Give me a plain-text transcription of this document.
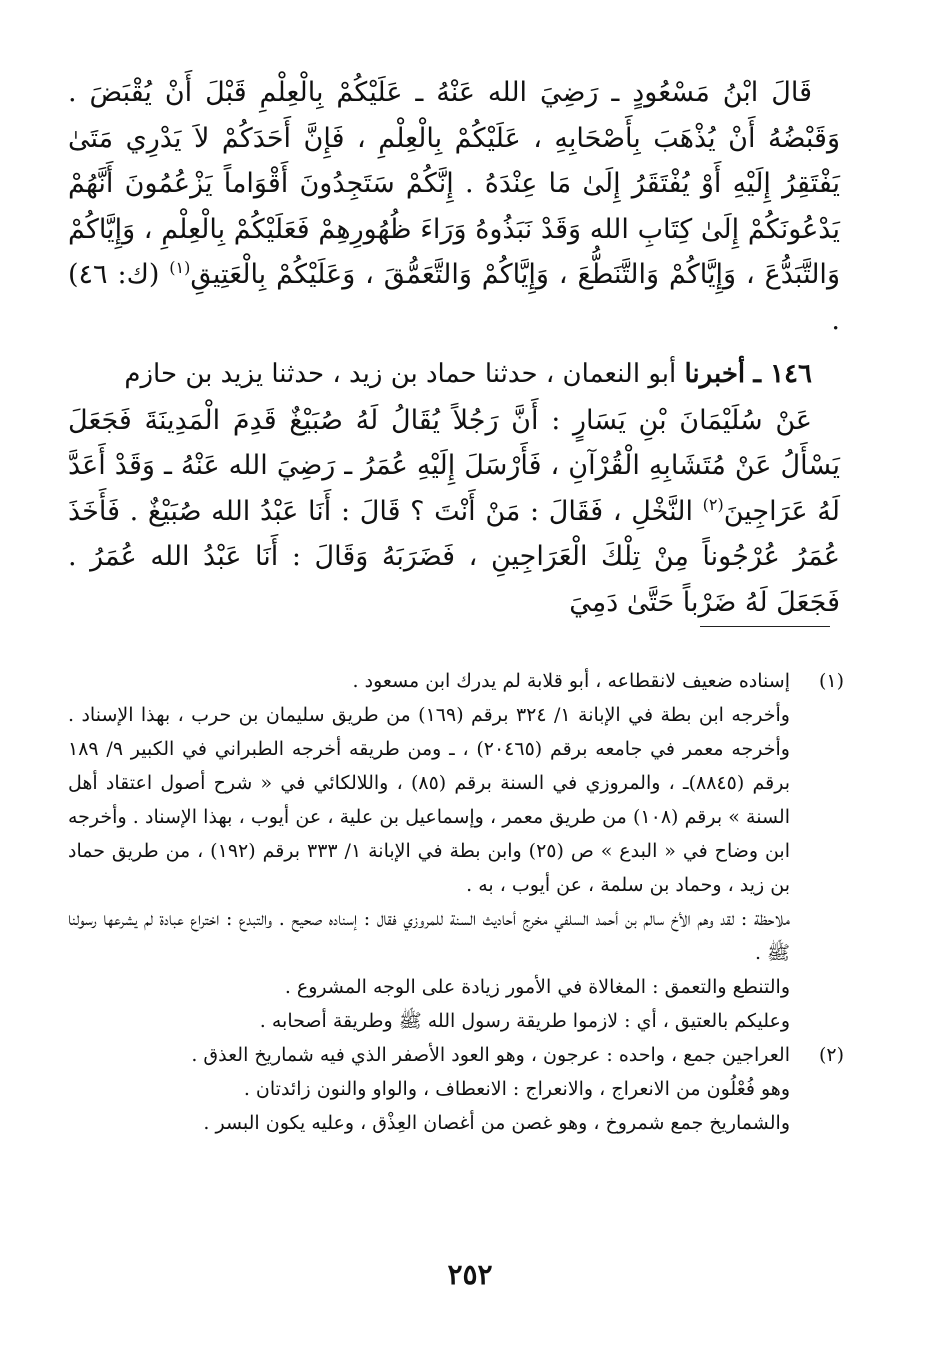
قَالَ ابْنُ مَسْعُودٍ ـ رَضِيَ الله عَنْهُ ـ عَلَيْكُمْ بِالْعِلْمِ قَبْلَ أَنْ يُقْبَضَ . وَقَبْضُهُ أَنْ يُذْهَبَ بِأَصْحَابِهِ ، عَلَيْكُمْ بِالْعِلْمِ ، فَإِنَّ أَحَدَكُمْ لاَ يَدْرِي مَتَىٰ يَفْتَقِرُ إِلَيْهِ أَوْ يُفْتَقَرُ إِلَىٰ مَا عِنْدَهُ . إِنَّكُمْ سَتَجِدُونَ أَقْوَاماً يَزْعُمُونَ أَنَّهُمْ يَدْعُونَكُمْ إِلَىٰ كِتَابِ الله وَقَدْ نَبَذُوهُ وَرَاءَ ظُهُورِهِمْ فَعَلَيْكُمْ بِالْعِلْمِ ، وَإِيَّاكُمْ وَالتَّبَدُّعَ ، وَإِيَّاكُمْ وَالتَّنَطُّعَ ، وَإِيَّاكُمْ وَالتَّعَمُّقَ ، وَعَلَيْكُمْ بِالْعَتِيقِ$^{(١)}$ (ك: ٤٦) .

١٤٦ ـ أخبرنا أبو النعمان ، حدثنا حماد بن زيد ، حدثنا يزيد بن حازم

عَنْ سُلَيْمَانَ بْنِ يَسَارٍ : أَنَّ رَجُلاً يُقَالُ لَهُ صُبَيْغٌ قَدِمَ الْمَدِينَةَ فَجَعَلَ يَسْأَلُ عَنْ مُتَشَابِهِ الْقُرْآنِ ، فَأَرْسَلَ إِلَيْهِ عُمَرُ ـ رَضِيَ الله عَنْهُ ـ وَقَدْ أَعَدَّ لَهُ عَرَاجِينَ$^{(٢)}$ النَّخْلِ ، فَقَالَ : مَنْ أَنْتَ ؟ قَالَ : أَنَا عَبْدُ الله صُبَيْغٌ . فَأَخَذَ عُمَرُ عُرْجُوناً مِنْ تِلْكَ الْعَرَاجِينِ ، فَضَرَبَهُ وَقَالَ : أَنَا عَبْدُ الله عُمَرُ . فَجَعَلَ لَهُ ضَرْباً حَتَّىٰ دَمِيَ

(١)
إسناده ضعيف لانقطاعه ، أبو قلابة لم يدرك ابن مسعود .
وأخرجه ابن بطة في الإبانة ١/ ٣٢٤ برقم (١٦٩) من طريق سليمان بن حرب ، بهذا الإسناد . وأخرجه معمر في جامعه برقم (٢٠٤٦٥) ، ـ ومن طريقه أخرجه الطبراني في الكبير ٩/ ١٨٩ برقم (٨٨٤٥)ـ ، والمروزي في السنة برقم (٨٥) ، واللالكائي في « شرح أصول اعتقاد أهل السنة » برقم (١٠٨) من طريق معمر ، وإسماعيل بن علية ، عن أيوب ، بهذا الإسناد . وأخرجه ابن وضاح في « البدع » ص (٢٥) وابن بطة في الإبانة ١/ ٣٣٣ برقم (١٩٢) ، من طريق حماد بن زيد ، وحماد بن سلمة ، عن أيوب ، به .
ملاحظة : لقد وهم الأخ سالم بن أحمد السلفي مخرج أحاديث السنة للمروزي فقال : إسناده صحيح . والتبدع : اختراع عبادة لم يشرعها رسولنا ﷺ .
والتنطع والتعمق : المغالاة في الأمور زيادة على الوجه المشروع .
وعليكم بالعتيق ، أي : لازموا طريقة رسول الله ﷺ وطريقة أصحابه .
(٢)
العراجين جمع ، واحده : عرجون ، وهو العود الأصفر الذي فيه شماريخ العذق .
وهو فُعْلُون من الانعراج ، والانعراج : الانعطاف ، والواو والنون زائدتان .
والشماريخ جمع شمروخ ، وهو غصن من أغصان العِذْق ، وعليه يكون البسر .
٢٥٢
